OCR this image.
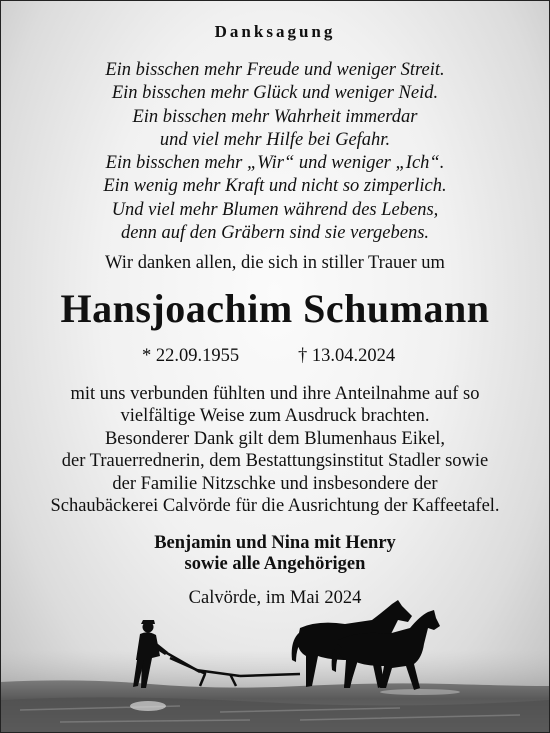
Danksagung
Ein bisschen mehr Freude und weniger Streit.
Ein bisschen mehr Glück und weniger Neid.
Ein bisschen mehr Wahrheit immerdar
und viel mehr Hilfe bei Gefahr.
Ein bisschen mehr „Wir“ und weniger „Ich“.
Ein wenig mehr Kraft und nicht so zimperlich.
Und viel mehr Blumen während des Lebens,
denn auf den Gräbern sind sie vergebens.
Wir danken allen, die sich in stiller Trauer um
Hansjoachim Schumann
* 22.09.1955	† 13.04.2024
mit uns verbunden fühlten und ihre Anteilnahme auf so
vielfältige Weise zum Ausdruck brachten.
Besonderer Dank gilt dem Blumenhaus Eikel,
der Trauerrednerin, dem Bestattungsinstitut Stadler sowie
der Familie Nitzschke und insbesondere der
Schaubäckerei Calvörde für die Ausrichtung der Kaffeetafel.
Benjamin und Nina mit Henry
sowie alle Angehörigen
Calvörde, im Mai 2024
